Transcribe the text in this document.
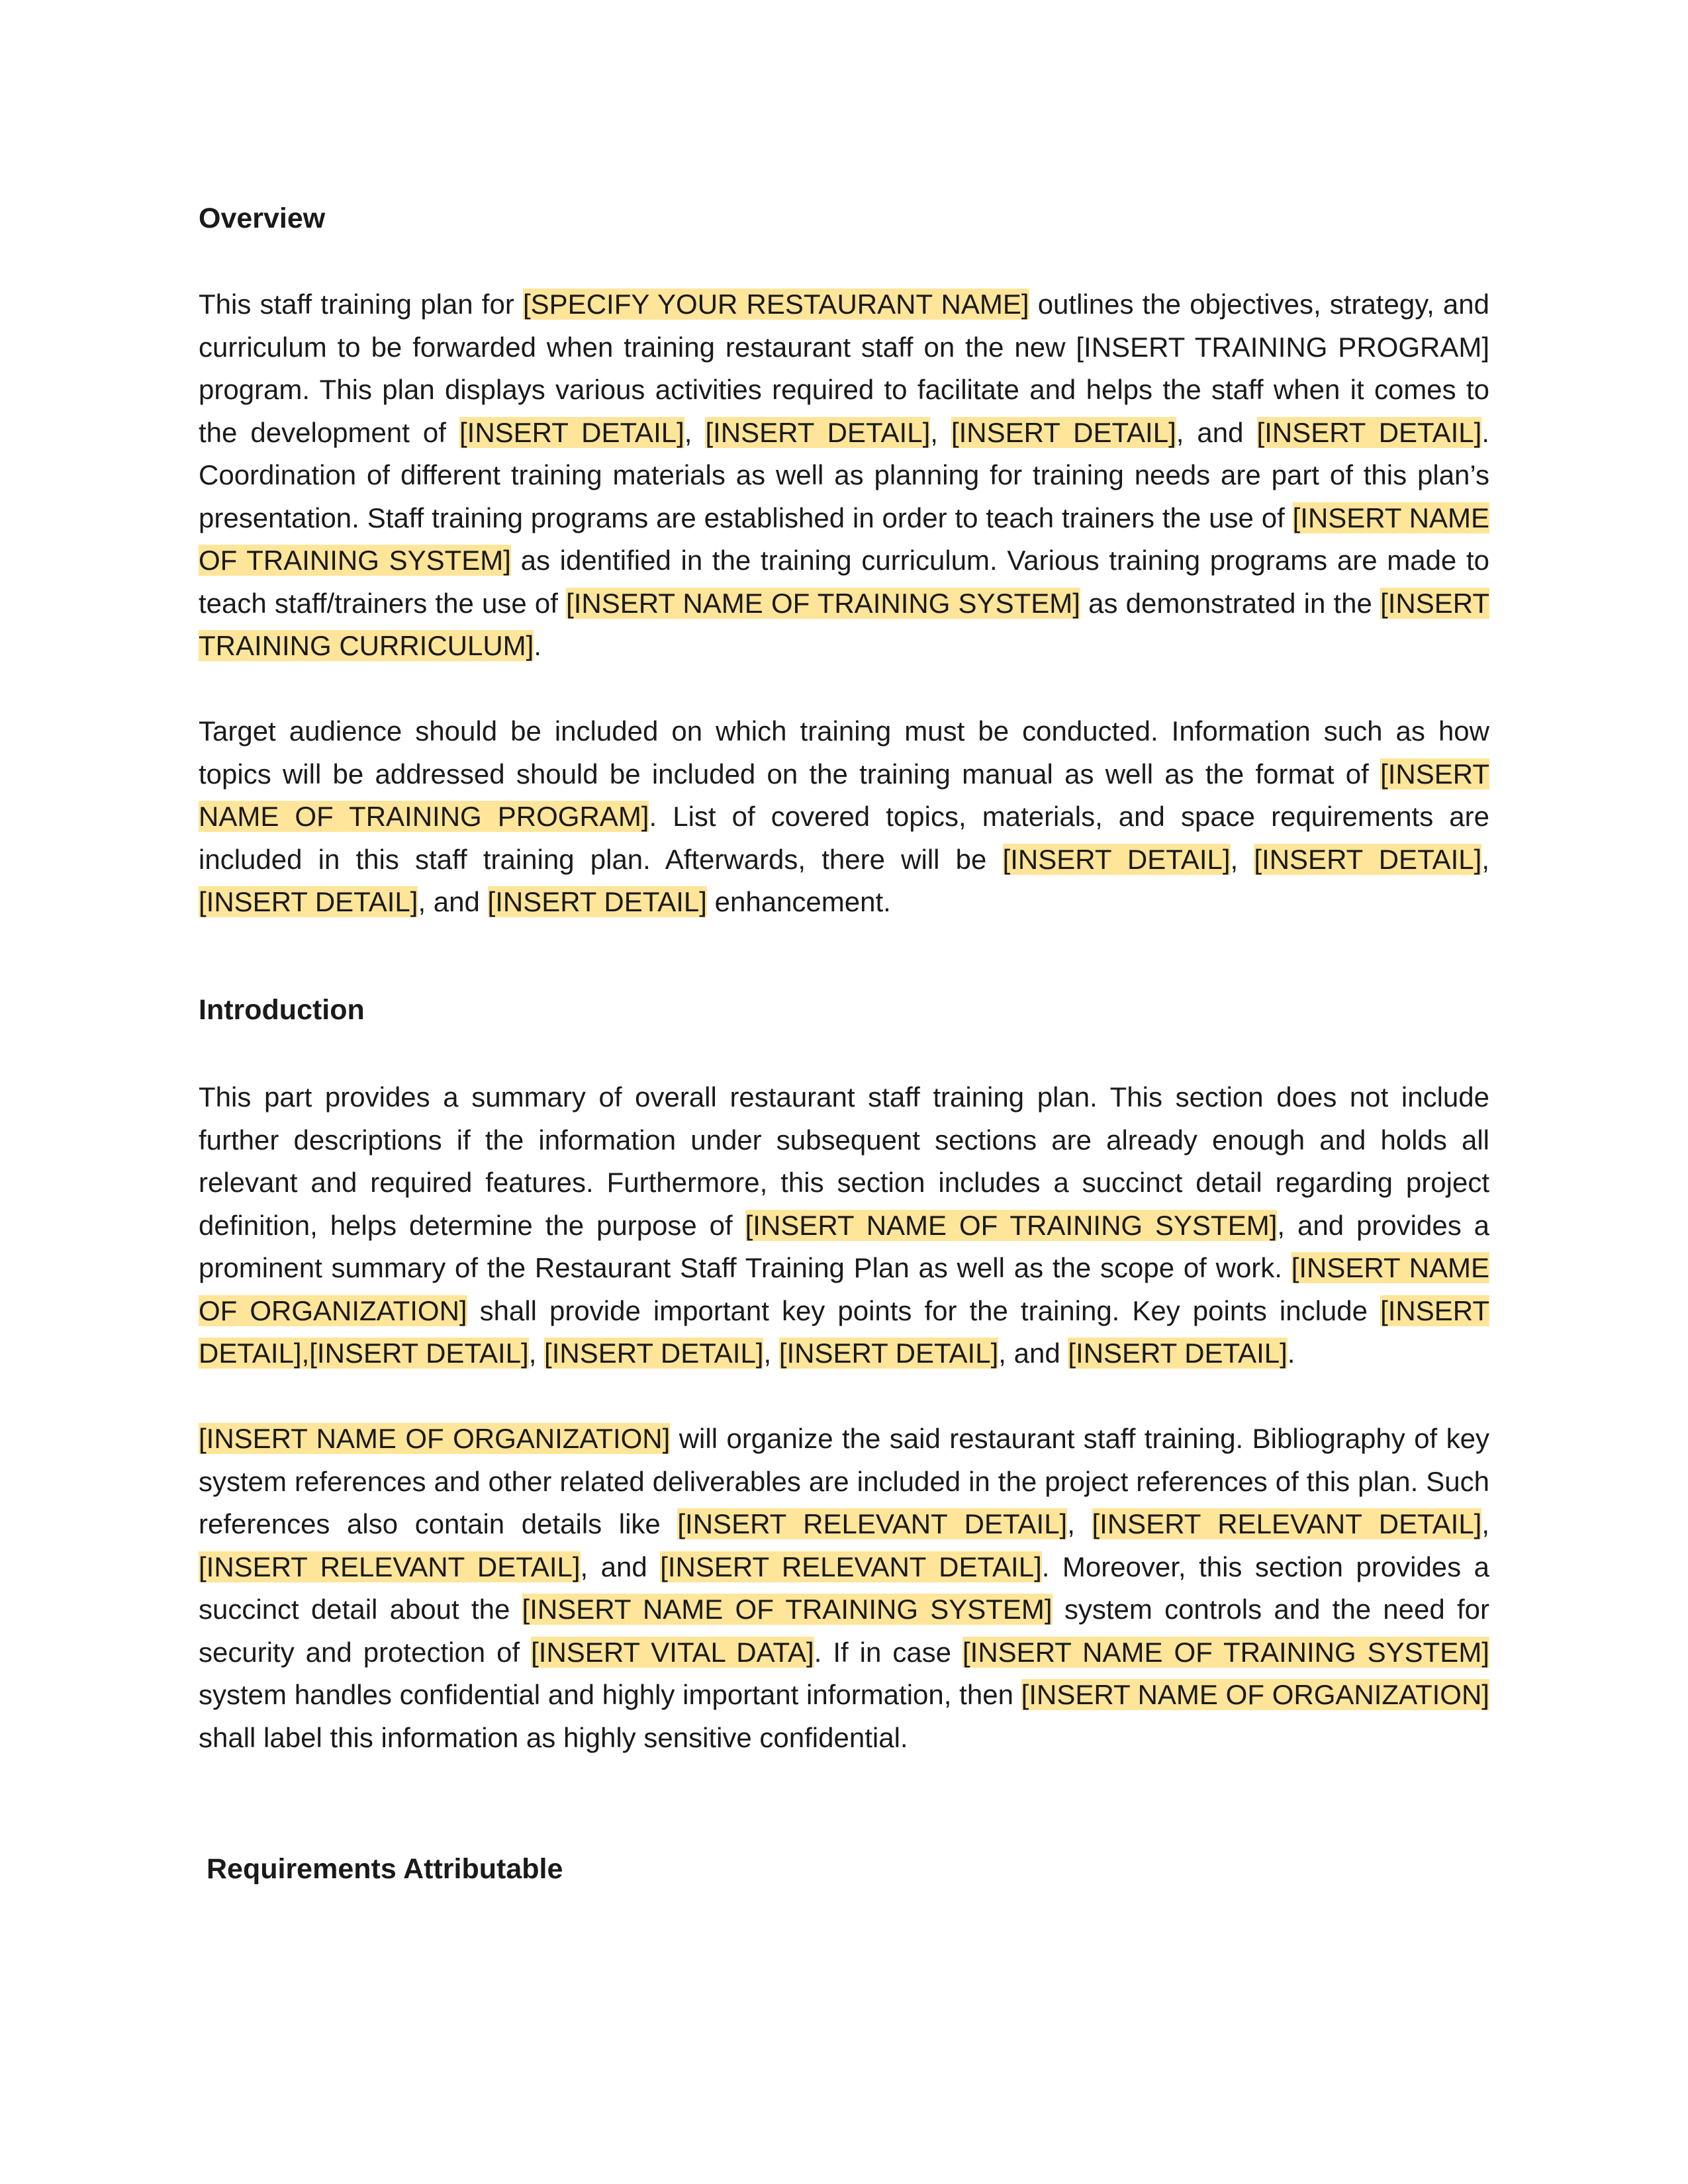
Overview

This staff training plan for [SPECIFY YOUR RESTAURANT NAME] outlines the objectives, strategy, and curriculum to be forwarded when training restaurant staff on the new [INSERT TRAINING PROGRAM] program. This plan displays various activities required to facilitate and helps the staff when it comes to the development of [INSERT DETAIL], [INSERT DETAIL], [INSERT DETAIL], and [INSERT DETAIL]. Coordination of different training materials as well as planning for training needs are part of this plan’s presentation. Staff training programs are established in order to teach trainers the use of [INSERT NAME OF TRAINING SYSTEM] as identified in the training curriculum. Various training programs are made to teach staff/trainers the use of [INSERT NAME OF TRAINING SYSTEM] as demonstrated in the [INSERT TRAINING CURRICULUM].

Target audience should be included on which training must be conducted. Information such as how topics will be addressed should be included on the training manual as well as the format of [INSERT NAME OF TRAINING PROGRAM]. List of covered topics, materials, and space requirements are included in this staff training plan. Afterwards, there will be [INSERT DETAIL], [INSERT DETAIL], [INSERT DETAIL], and [INSERT DETAIL] enhancement.

Introduction

This part provides a summary of overall restaurant staff training plan. This section does not include further descriptions if the information under subsequent sections are already enough and holds all relevant and required features. Furthermore, this section includes a succinct detail regarding project definition, helps determine the purpose of [INSERT NAME OF TRAINING SYSTEM], and provides a prominent summary of the Restaurant Staff Training Plan as well as the scope of work. [INSERT NAME OF ORGANIZATION] shall provide important key points for the training. Key points include [INSERT DETAIL],[INSERT DETAIL], [INSERT DETAIL], [INSERT DETAIL], and [INSERT DETAIL].

[INSERT NAME OF ORGANIZATION] will organize the said restaurant staff training. Bibliography of key system references and other related deliverables are included in the project references of this plan. Such references also contain details like [INSERT RELEVANT DETAIL], [INSERT RELEVANT DETAIL], [INSERT RELEVANT DETAIL], and [INSERT RELEVANT DETAIL]. Moreover, this section provides a succinct detail about the [INSERT NAME OF TRAINING SYSTEM] system controls and the need for security and protection of [INSERT VITAL DATA]. If in case [INSERT NAME OF TRAINING SYSTEM] system handles confidential and highly important information, then [INSERT NAME OF ORGANIZATION] shall label this information as highly sensitive confidential.

Requirements Attributable
